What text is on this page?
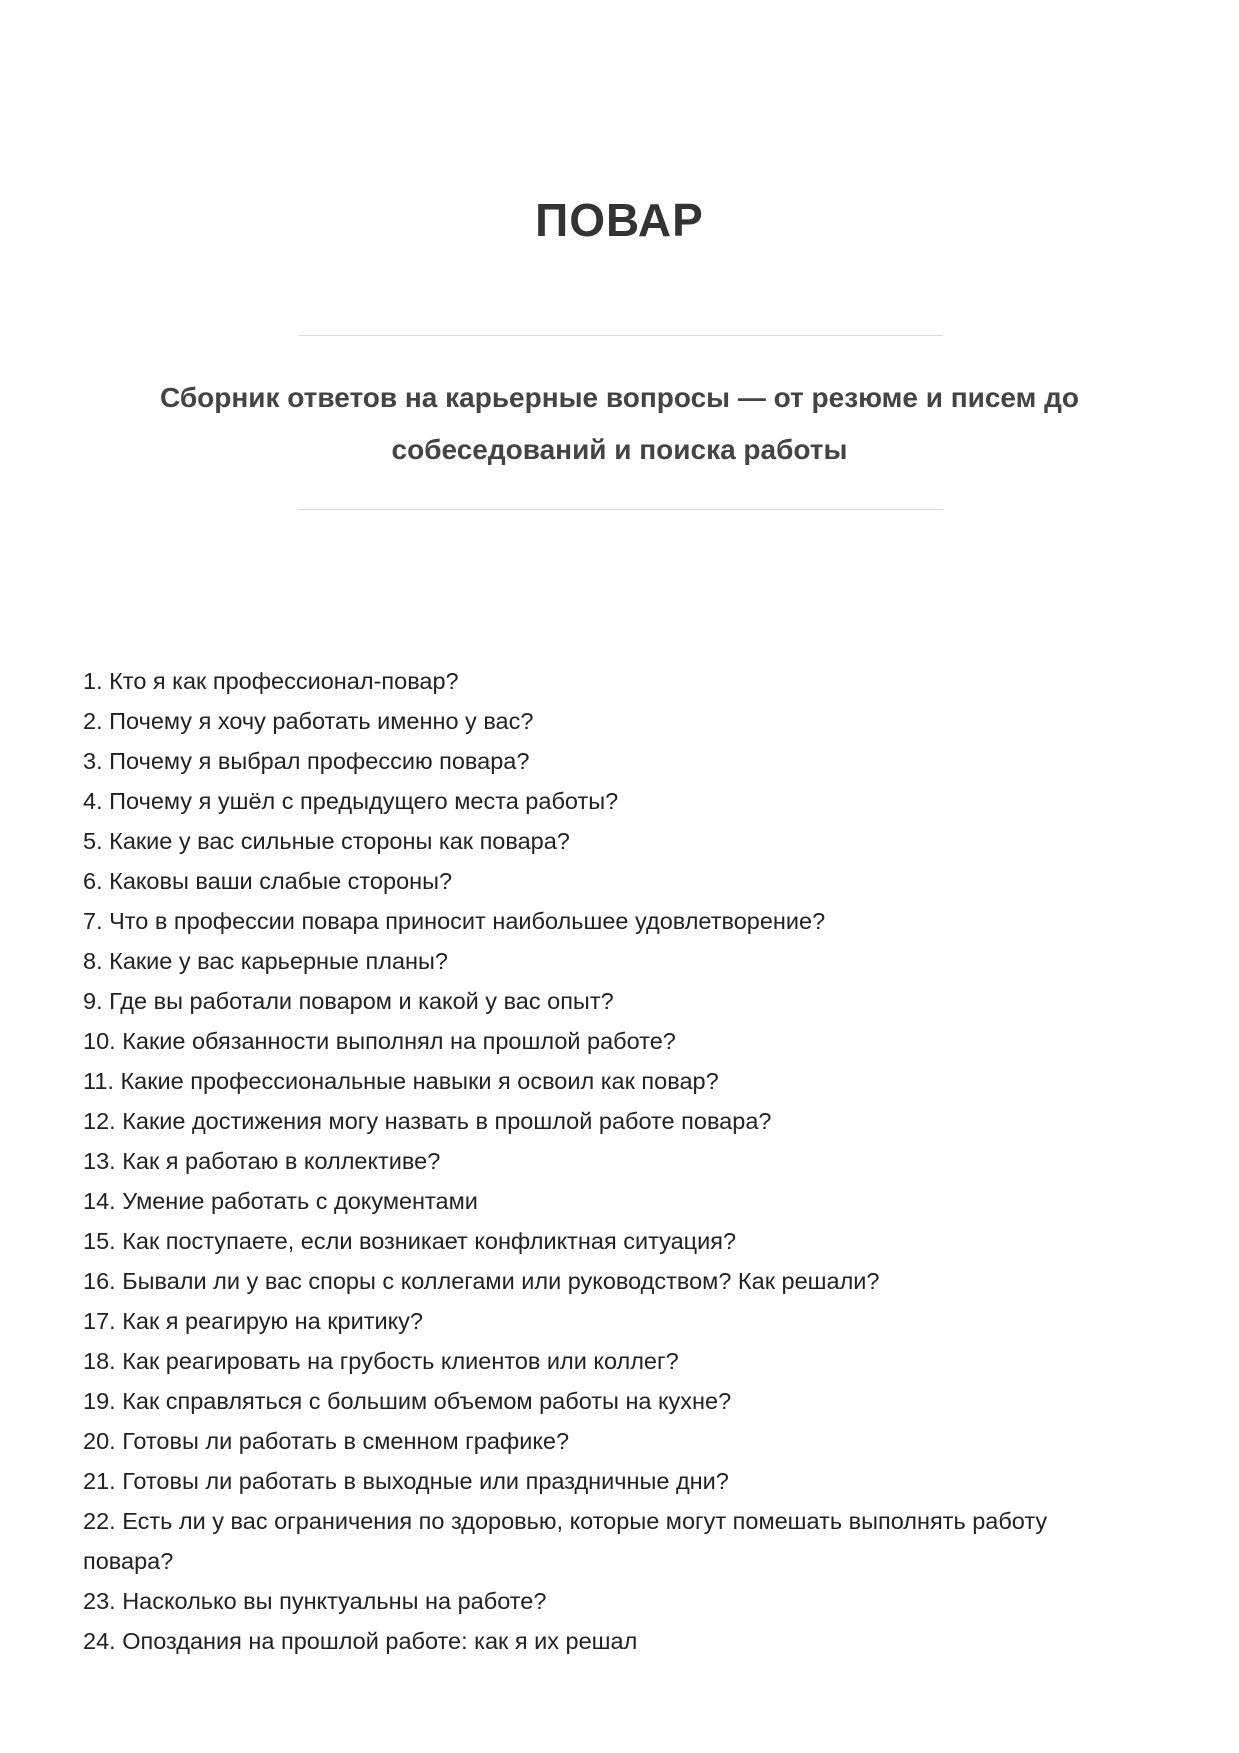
ПОВАР

Сборник ответов на карьерные вопросы — от резюме и писем до собеседований и поиска работы

1. Кто я как профессионал-повар?
2. Почему я хочу работать именно у вас?
3. Почему я выбрал профессию повара?
4. Почему я ушёл с предыдущего места работы?
5. Какие у вас сильные стороны как повара?
6. Каковы ваши слабые стороны?
7. Что в профессии повара приносит наибольшее удовлетворение?
8. Какие у вас карьерные планы?
9. Где вы работали поваром и какой у вас опыт?
10. Какие обязанности выполнял на прошлой работе?
11. Какие профессиональные навыки я освоил как повар?
12. Какие достижения могу назвать в прошлой работе повара?
13. Как я работаю в коллективе?
14. Умение работать с документами
15. Как поступаете, если возникает конфликтная ситуация?
16. Бывали ли у вас споры с коллегами или руководством? Как решали?
17. Как я реагирую на критику?
18. Как реагировать на грубость клиентов или коллег?
19. Как справляться с большим объемом работы на кухне?
20. Готовы ли работать в сменном графике?
21. Готовы ли работать в выходные или праздничные дни?
22. Есть ли у вас ограничения по здоровью, которые могут помешать выполнять работу повара?
23. Насколько вы пунктуальны на работе?
24. Опоздания на прошлой работе: как я их решал
